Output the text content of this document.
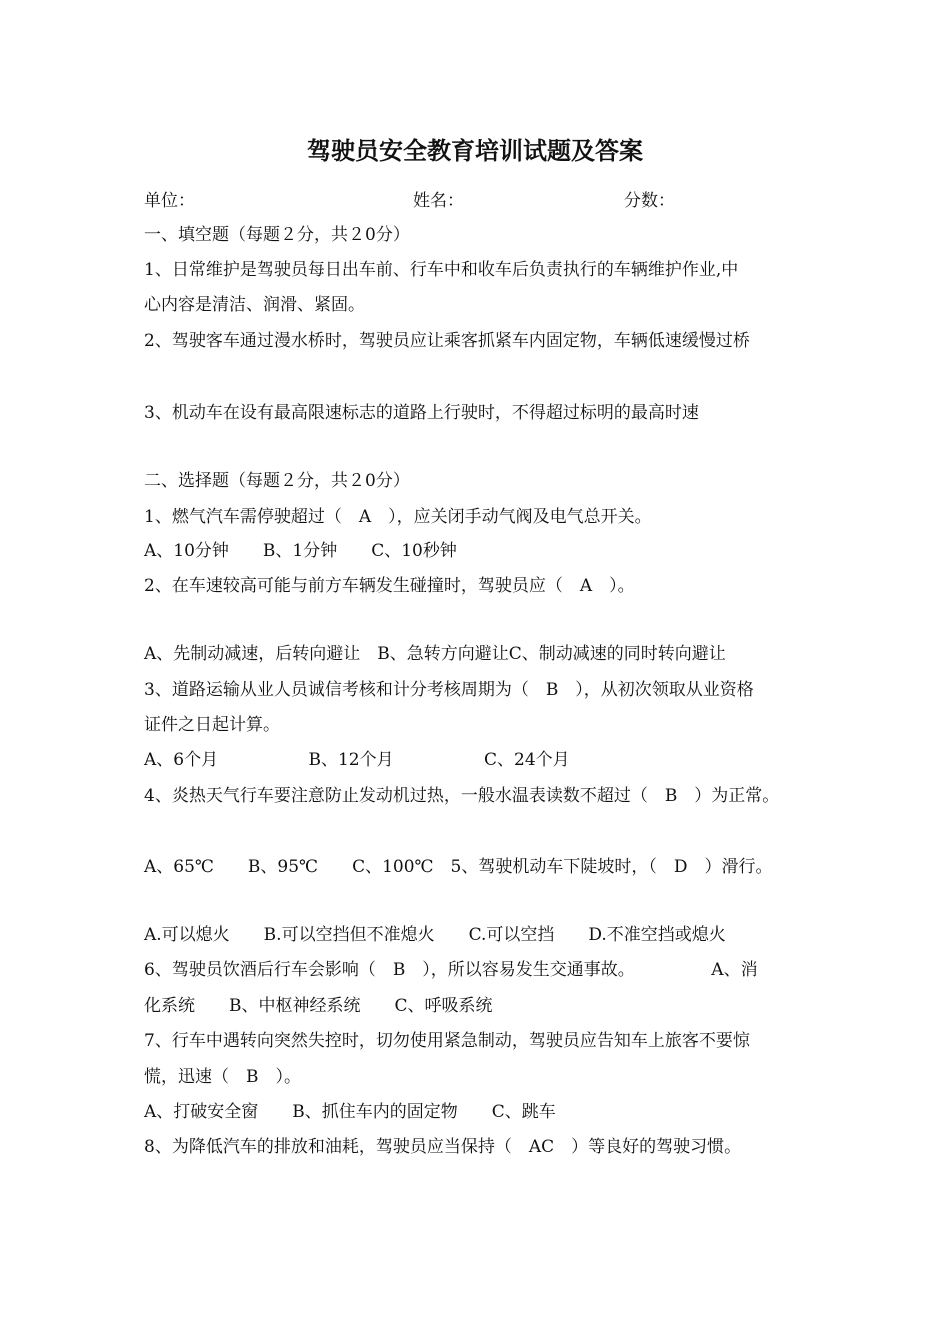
驾驶员安全教育培训试题及答案
单位：	姓名：	分数：
一、填空题（每题２分，共２0分）
1、日常维护是驾驶员每日出车前、行车中和收车后负责执行的车辆维护作业,中
心内容是清洁、润滑、紧固。
2、驾驶客车通过漫水桥时，驾驶员应让乘客抓紧车内固定物，车辆低速缓慢过桥
3、机动车在设有最高限速标志的道路上行驶时，不得超过标明的最高时速
二、选择题（每题２分，共２0分）
1、燃气汽车需停驶超过（　A　），应关闭手动气阀及电气总开关。
A、10分钟　　B、1分钟　　C、10秒钟
2、在车速较高可能与前方车辆发生碰撞时，驾驶员应（　A　）。
A、先制动减速，后转向避让　B、急转方向避让C、制动减速的同时转向避让
3、道路运输从业人员诚信考核和计分考核周期为（　B　），从初次领取从业资格
证件之日起计算。
A、6个月　　　　　 B、12个月　　　　　 C、24个月
4、炎热天气行车要注意防止发动机过热，一般水温表读数不超过（　B　）为正常。
A、65℃　　B、95℃　　C、100℃　5、驾驶机动车下陡坡时，（　D　）滑行。
A.可以熄火　　B.可以空挡但不准熄火　　C.可以空挡　　D.不准空挡或熄火
6、驾驶员饮酒后行车会影响（　B　），所以容易发生交通事故。　　　　　A、消
化系统　　B、中枢神经系统　　C、呼吸系统
7、行车中遇转向突然失控时，切勿使用紧急制动，驾驶员应告知车上旅客不要惊
慌，迅速（　B　）。
A、打破安全窗　　B、抓住车内的固定物　　C、跳车
8、为降低汽车的排放和油耗，驾驶员应当保持（　AC　）等良好的驾驶习惯。
